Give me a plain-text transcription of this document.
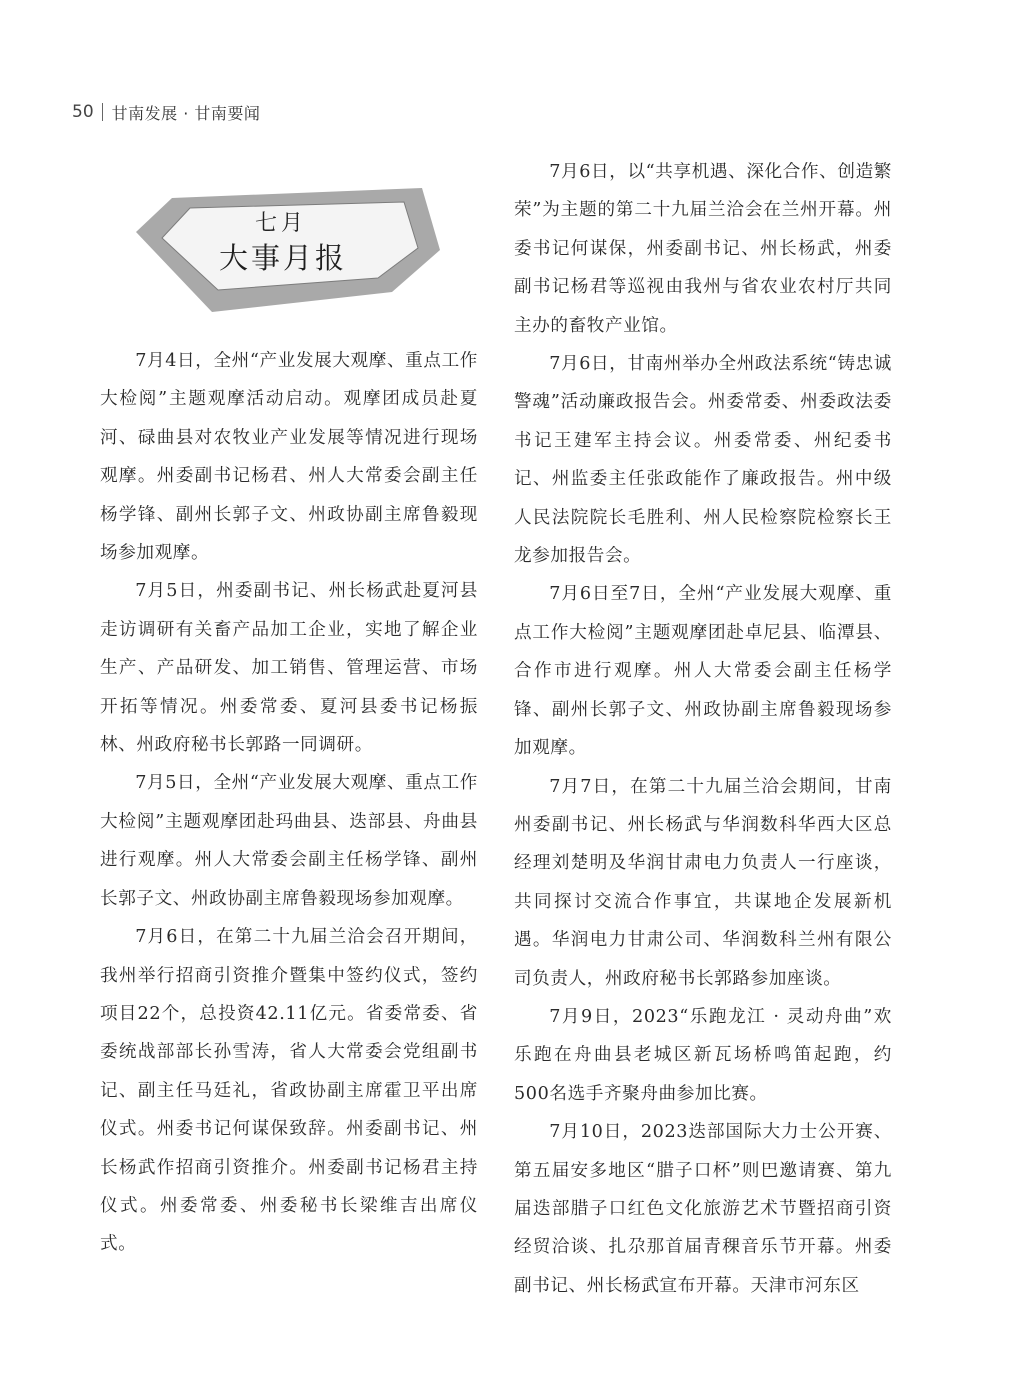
50 甘南发展 · 甘南要闻
七月
大事月报

7月4日，全州“产业发展大观摩、重点工作大检阅”主题观摩活动启动。观摩团成员赴夏河、碌曲县对农牧业产业发展等情况进行现场观摩。州委副书记杨君、州人大常委会副主任杨学锋、副州长郭子文、州政协副主席鲁毅现场参加观摩。

7月5日，州委副书记、州长杨武赴夏河县走访调研有关畜产品加工企业，实地了解企业生产、产品研发、加工销售、管理运营、市场开拓等情况。州委常委、夏河县委书记杨振林、州政府秘书长郭路一同调研。

7月5日，全州“产业发展大观摩、重点工作大检阅”主题观摩团赴玛曲县、迭部县、舟曲县进行观摩。州人大常委会副主任杨学锋、副州长郭子文、州政协副主席鲁毅现场参加观摩。

7月6日，在第二十九届兰洽会召开期间，我州举行招商引资推介暨集中签约仪式，签约项目22个，总投资42.11亿元。省委常委、省委统战部部长孙雪涛，省人大常委会党组副书记、副主任马廷礼，省政协副主席霍卫平出席仪式。州委书记何谋保致辞。州委副书记、州长杨武作招商引资推介。州委副书记杨君主持仪式。州委常委、州委秘书长梁维吉出席仪式。

7月6日，以“共享机遇、深化合作、创造繁荣”为主题的第二十九届兰洽会在兰州开幕。州委书记何谋保，州委副书记、州长杨武，州委副书记杨君等巡视由我州与省农业农村厅共同主办的畜牧产业馆。

7月6日，甘南州举办全州政法系统“铸忠诚警魂”活动廉政报告会。州委常委、州委政法委书记王建军主持会议。州委常委、州纪委书记、州监委主任张政能作了廉政报告。州中级人民法院院长毛胜利、州人民检察院检察长王龙参加报告会。

7月6日至7日，全州“产业发展大观摩、重点工作大检阅”主题观摩团赴卓尼县、临潭县、合作市进行观摩。州人大常委会副主任杨学锋、副州长郭子文、州政协副主席鲁毅现场参加观摩。

7月7日，在第二十九届兰洽会期间，甘南州委副书记、州长杨武与华润数科华西大区总经理刘楚明及华润甘肃电力负责人一行座谈，共同探讨交流合作事宜，共谋地企发展新机遇。华润电力甘肃公司、华润数科兰州有限公司负责人，州政府秘书长郭路参加座谈。

7月9日，2023“乐跑龙江 · 灵动舟曲”欢乐跑在舟曲县老城区新瓦场桥鸣笛起跑，约500名选手齐聚舟曲参加比赛。

7月10日，2023迭部国际大力士公开赛、第五届安多地区“腊子口杯”则巴邀请赛、第九届迭部腊子口红色文化旅游艺术节暨招商引资经贸洽谈、扎尕那首届青稞音乐节开幕。州委副书记、州长杨武宣布开幕。天津市河东区
